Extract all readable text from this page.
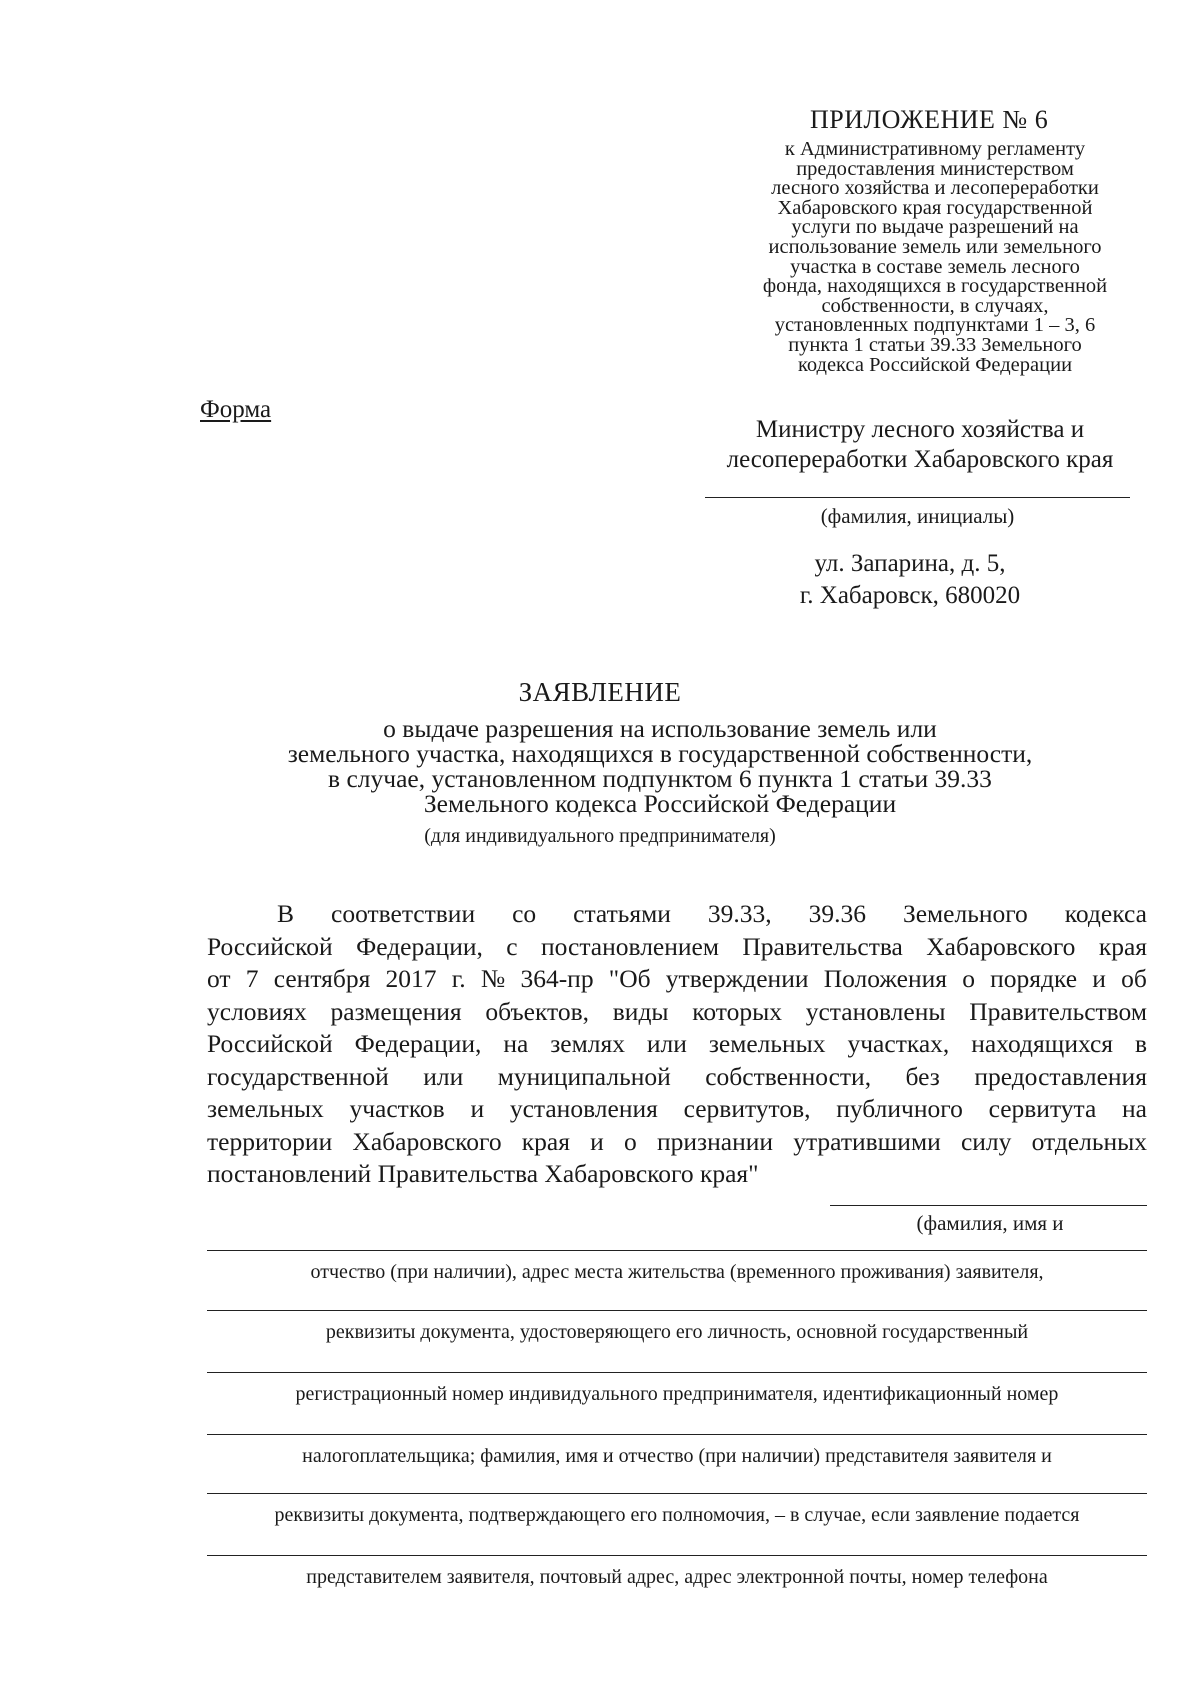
ПРИЛОЖЕНИЕ № 6
к Административному регламенту
предоставления министерством
лесного хозяйства и лесопереработки
Хабаровского края государственной
услуги по выдаче разрешений на
использование земель или земельного
участка в составе земель лесного
фонда, находящихся в государственной
собственности, в случаях,
установленных подпунктами 1 – 3, 6
пункта 1 статьи 39.33 Земельного
кодекса Российской Федерации
Форма
Министру лесного хозяйства и
лесопереработки Хабаровского края
(фамилия, инициалы)
ул. Запарина, д. 5,
г. Хабаровск, 680020
ЗАЯВЛЕНИЕ
о выдаче разрешения на использование земель или
земельного участка, находящихся в государственной собственности,
в случае, установленном подпунктом 6 пункта 1 статьи 39.33
Земельного кодекса Российской Федерации
(для индивидуального предпринимателя)
В соответствии со статьями 39.33, 39.36 Земельного кодекса
Российской Федерации, с постановлением Правительства Хабаровского края
от 7 сентября 2017 г. № 364-пр "Об утверждении Положения о порядке и об
условиях размещения объектов, виды которых установлены Правительством
Российской Федерации, на землях или земельных участках, находящихся в
государственной или муниципальной собственности, без предоставления
земельных участков и установления сервитутов, публичного сервитута на
территории Хабаровского края и о признании утратившими силу отдельных
постановлений Правительства Хабаровского края"
(фамилия, имя и
отчество (при наличии), адрес места жительства (временного проживания) заявителя,
реквизиты документа, удостоверяющего его личность, основной государственный
регистрационный номер индивидуального предпринимателя, идентификационный номер
налогоплательщика; фамилия, имя и отчество (при наличии) представителя заявителя и
реквизиты документа, подтверждающего его полномочия, – в случае, если заявление подается
представителем заявителя, почтовый адрес, адрес электронной почты, номер телефона
